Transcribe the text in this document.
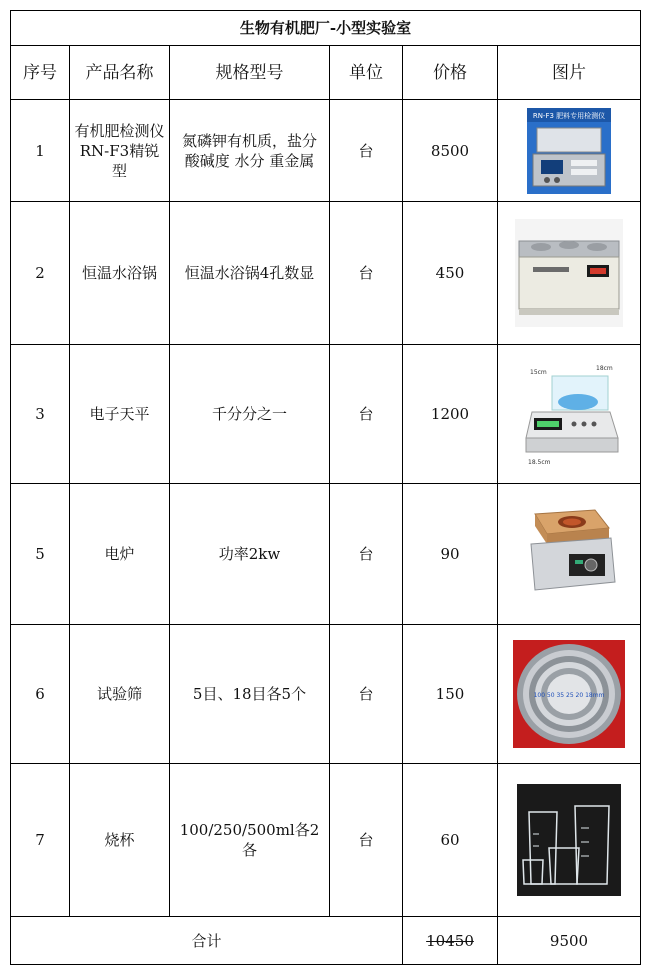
生物有机肥厂-小型实验室					
序号	产品名称	规格型号	单位	价格	图片
1	有机肥检测仪 RN-F3精锐型	氮磷钾有机质，盐分 酸碱度 水分 重金属	台	8500	RN-F3 肥料专用检测仪

2	恒温水浴锅	恒温水浴锅4孔数显	台	450	

3	电子天平	千分分之一	台	1200	15cm
18cm
18.5cm

5	电炉	功率2kw	台	90	

6	试验筛	5目、18目各5个	台	150	100 50 35 25 20 18mm

7	烧杯	100/250/500ml各2各	台	60	

合计				10450	9500
